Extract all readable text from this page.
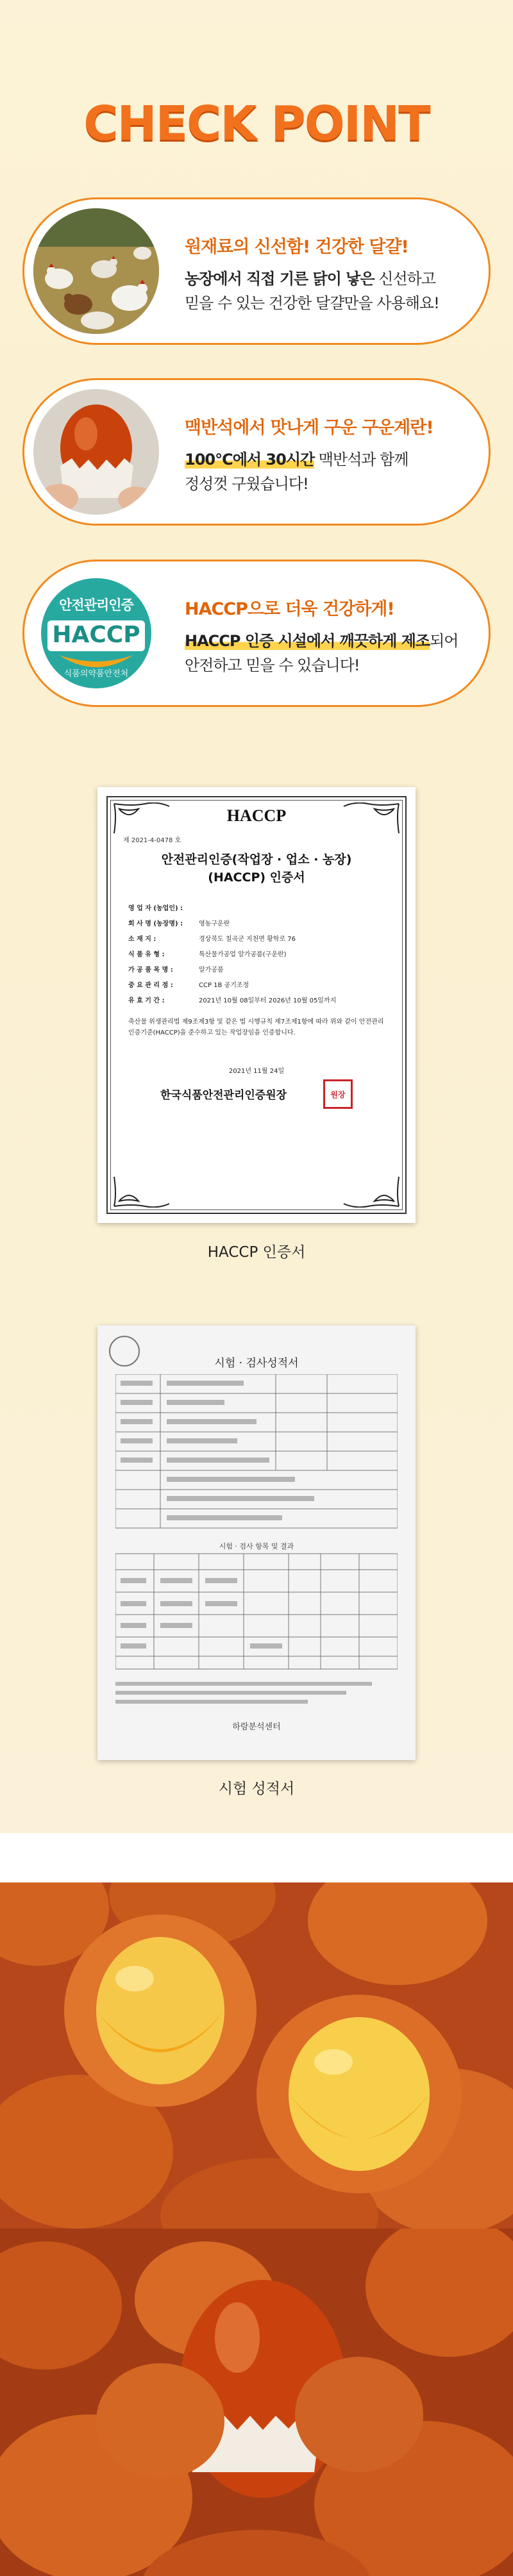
CHECK POINT
원재료의 신선함! 건강한 달걀!

농장에서 직접 기른 닭이 낳은 신선하고
믿을 수 있는 건강한 달걀만을 사용해요!

맥반석에서 맛나게 구운 구운계란!

100°C에서 30시간 맥반석과 함께
정성껏 구웠습니다!

안전관리인증
HACCP
식품의약품안전처
HACCP으로 더욱 건강하게!

HACCP 인증 시설에서 깨끗하게 제조되어
안전하고 믿을 수 있습니다!

HACCP
제 2021-4-0478 호
안전관리인증(작업장 · 업소 · 농장)
(HACCP) 인증서
영 업 자 (농업인) :
회 사 명 (농장명) : 영농구운란
소 재 지 :	경상북도 칠곡군 지천면 황학로 76
식 품 유 형 :	특산물가공업 알가공품(구운란)
가 공 품 목 명 :	알가공품
중 요 관 리 점 :	CCP 1B 공기조정
유 효 기 간 :	2021년 10월 08일부터 2026년 10월 05일까지
축산물 위생관리법 제9조제3항 및 같은 법 시행규칙 제7조제1항에 따라 위와 같이 안전관리인증기준(HACCP)을 준수하고 있는 작업장임을 인증합니다.
2021년 11월 24일
한국식품안전관리인증원장	원장
HACCP 인증서
시험 · 검사성적서
시험 · 검사 항목 및 결과
하람분석센터
시험 성적서
